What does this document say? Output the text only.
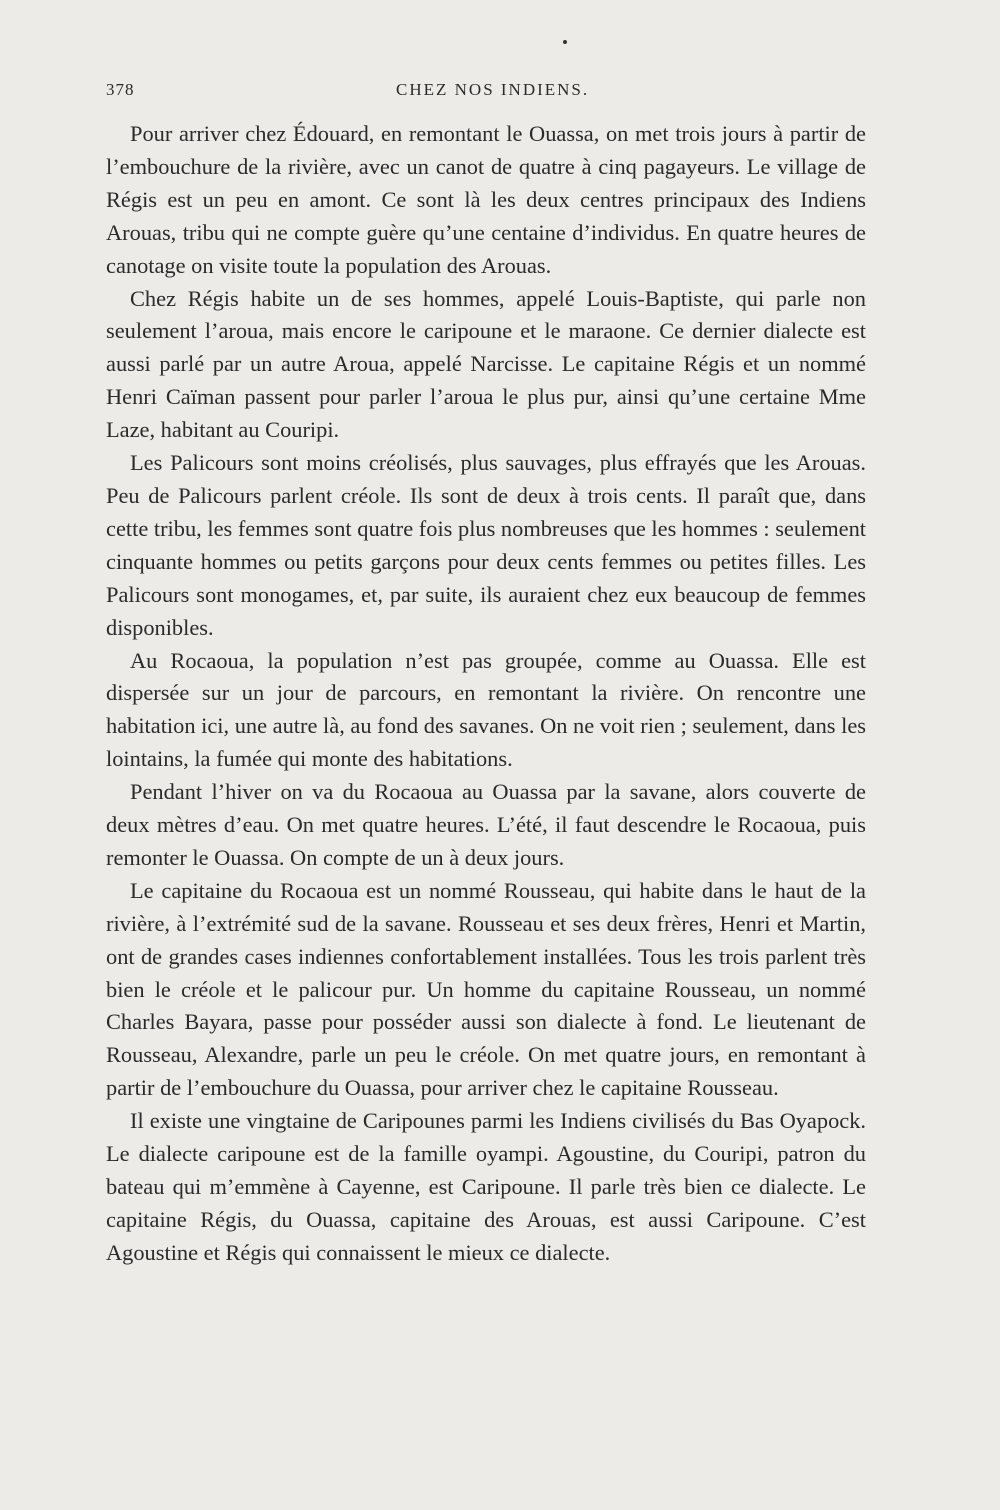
378	CHEZ NOS INDIENS.

Pour arriver chez Édouard, en remontant le Ouassa, on met trois jours à partir de l’embouchure de la rivière, avec un canot de quatre à cinq pagayeurs. Le village de Régis est un peu en amont. Ce sont là les deux centres principaux des Indiens Arouas, tribu qui ne compte guère qu’une centaine d’individus. En quatre heures de canotage on visite toute la population des Arouas.

Chez Régis habite un de ses hommes, appelé Louis-Baptiste, qui parle non seulement l’aroua, mais encore le caripoune et le maraone. Ce dernier dialecte est aussi parlé par un autre Aroua, appelé Narcisse. Le capitaine Régis et un nommé Henri Caïman passent pour parler l’aroua le plus pur, ainsi qu’une certaine Mme Laze, habitant au Couripi.

Les Palicours sont moins créolisés, plus sauvages, plus effrayés que les Arouas. Peu de Palicours parlent créole. Ils sont de deux à trois cents. Il paraît que, dans cette tribu, les femmes sont quatre fois plus nombreuses que les hommes : seulement cinquante hommes ou petits garçons pour deux cents femmes ou petites filles. Les Palicours sont monogames, et, par suite, ils auraient chez eux beaucoup de femmes disponibles.

Au Rocaoua, la population n’est pas groupée, comme au Ouassa. Elle est dispersée sur un jour de parcours, en remontant la rivière. On rencontre une habitation ici, une autre là, au fond des savanes. On ne voit rien ; seulement, dans les lointains, la fumée qui monte des habitations.

Pendant l’hiver on va du Rocaoua au Ouassa par la savane, alors couverte de deux mètres d’eau. On met quatre heures. L’été, il faut descendre le Rocaoua, puis remonter le Ouassa. On compte de un à deux jours.

Le capitaine du Rocaoua est un nommé Rousseau, qui habite dans le haut de la rivière, à l’extrémité sud de la savane. Rousseau et ses deux frères, Henri et Martin, ont de grandes cases indiennes confortablement installées. Tous les trois parlent très bien le créole et le palicour pur. Un homme du capitaine Rousseau, un nommé Charles Bayara, passe pour posséder aussi son dialecte à fond. Le lieutenant de Rousseau, Alexandre, parle un peu le créole. On met quatre jours, en remontant à partir de l’embouchure du Ouassa, pour arriver chez le capitaine Rousseau.

Il existe une vingtaine de Caripounes parmi les Indiens civilisés du Bas Oyapock. Le dialecte caripoune est de la famille oyampi. Agoustine, du Couripi, patron du bateau qui m’emmène à Cayenne, est Caripoune. Il parle très bien ce dialecte. Le capitaine Régis, du Ouassa, capitaine des Arouas, est aussi Caripoune. C’est Agoustine et Régis qui connaissent le mieux ce dialecte.
